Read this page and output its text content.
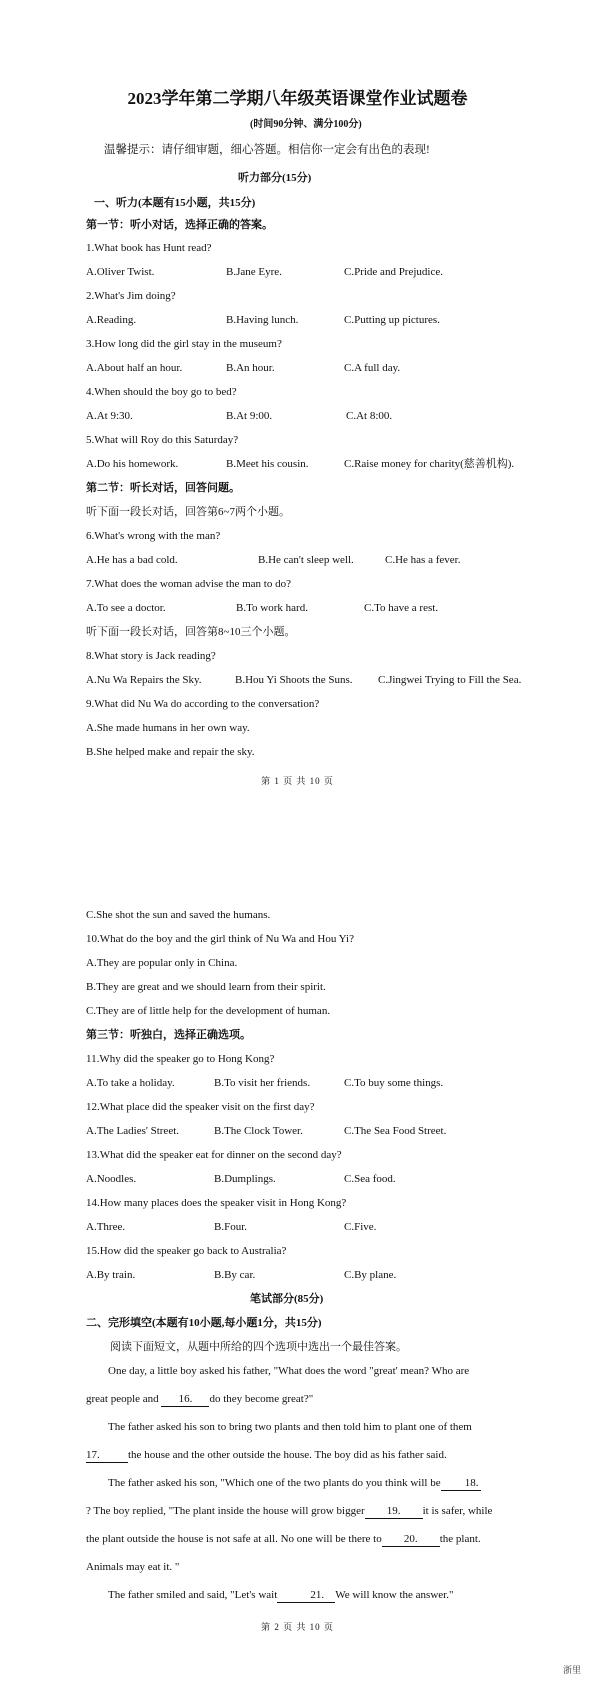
2023学年第二学期八年级英语课堂作业试题卷
(时间90分钟、满分100分)
温馨提示：请仔细审题，细心答题。相信你一定会有出色的表现!
听力部分(15分)
一、听力(本题有15小题，共15分)
第一节：听小对话，选择正确的答案。
1.What book has Hunt read?
A.Oliver Twist.	B.Jane Eyre.	C.Pride and Prejudice.
2.What's Jim doing?
A.Reading.	B.Having lunch.	C.Putting up pictures.
3.How long did the girl stay in the museum?
A.About half an hour.	B.An hour.	C.A full day.
4.When should the boy go to bed?
A.At 9:30.	B.At 9:00.	C.At 8:00.
5.What will Roy do this Saturday?
A.Do his homework.	B.Meet his cousin.	C.Raise money for charity(慈善机构).
第二节：听长对话，回答问题。
听下面一段长对话，回答第6~7两个小题。
6.What's wrong with the man?
A.He has a bad cold.	B.He can't sleep well.	C.He has a fever.
7.What does the woman advise the man to do?
A.To see a doctor.	B.To work hard.	C.To have a rest.
听下面一段长对话，回答第8~10三个小题。
8.What story is Jack reading?
A.Nu Wa Repairs the Sky.	B.Hou Yi Shoots the Suns. C.Jingwei Trying to Fill the Sea.
9.What did Nu Wa do according to the conversation?
A.She made humans in her own way.
B.She helped make and repair the sky.
第 1 页 共 10 页
C.She shot the sun and saved the humans.
10.What do the boy and the girl think of Nu Wa and Hou Yi?
A.They are popular only in China.
B.They are great and we should learn from their spirit.
C.They are of little help for the development of human.
第三节：听独白，选择正确选项。
11.Why did the speaker go to Hong Kong?
A.To take a holiday.	B.To visit her friends.	C.To buy some things.
12.What place did the speaker visit on the first day?
A.The Ladies' Street.	B.The Clock Tower.	C.The Sea Food Street.
13.What did the speaker eat for dinner on the second day?
A.Noodles.	B.Dumplings.	C.Sea food.
14.How many places does the speaker visit in Hong Kong?
A.Three.	B.Four.	C.Five.
15.How did the speaker go back to Australia?
A.By train.	B.By car.	C.By plane.
笔试部分(85分)
二、完形填空(本题有10小题,每小题1分，共15分)
阅读下面短文，从题中所给的四个选项中选出一个最佳答案。
One day, a little boy asked his father, "What does the word "great' mean? Who are
great people and 16. do they become great?"
The father asked his son to bring two plants and then told him to plant one of them
17.	the house and the other outside the house. The boy did as his father said.
The father asked his son, "Which one of the two plants do you think will be 18.
? The boy replied, "The plant inside the house will grow bigger 19. it is safer, while
the plant outside the house is not safe at all. No one will be there to 20. the plant.
Animals may eat it. "
The father smiled and said, "Let's wait	21. We will know the answer."
第 2 页 共 10 页
浙里
